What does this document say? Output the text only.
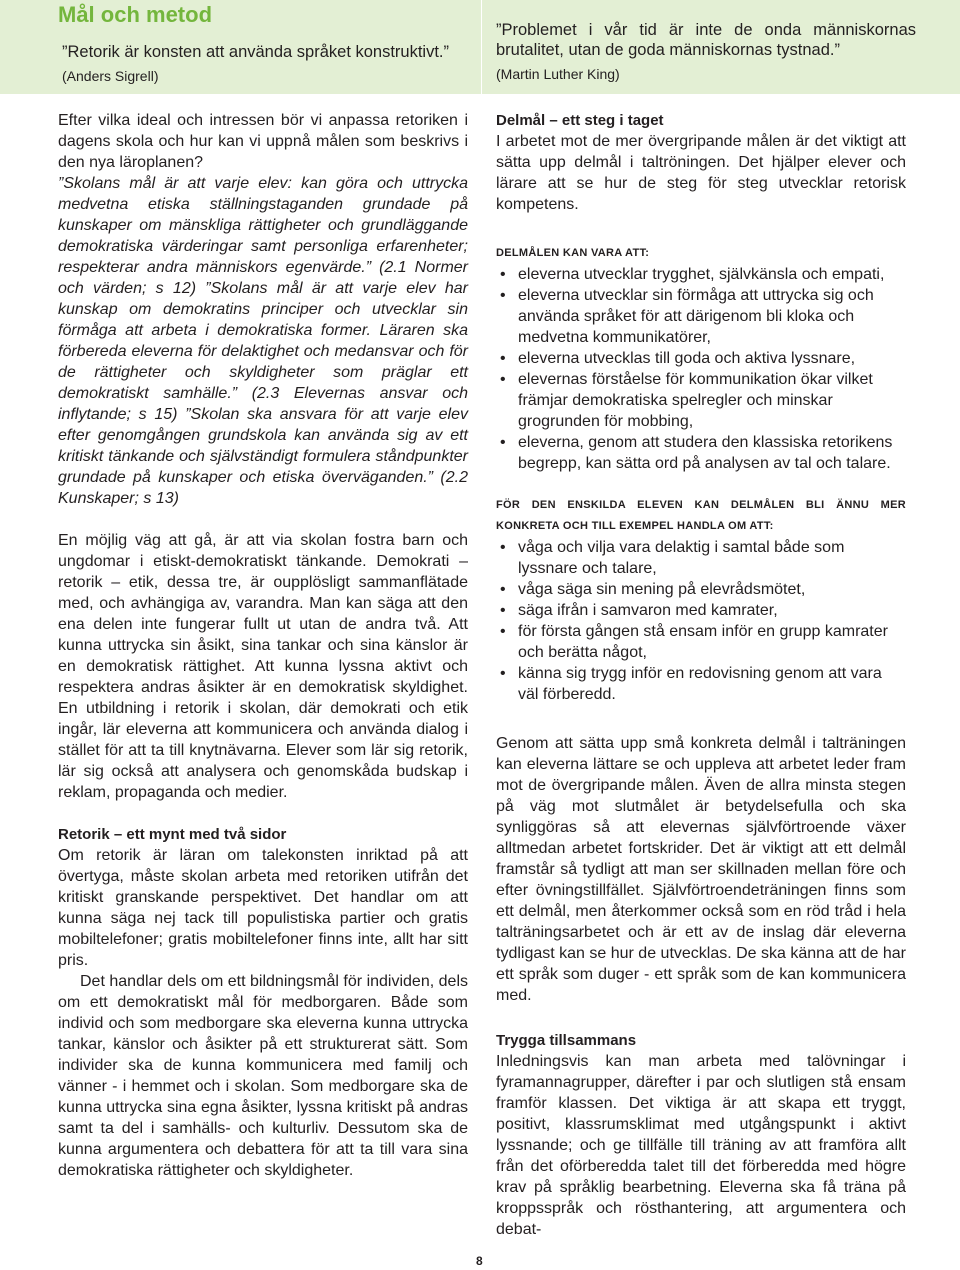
Mål och metod

”Retorik är konsten att använda språket konstruktivt.”

(Anders Sigrell)

”Problemet i vår tid är inte de onda människornas brutalitet, utan de goda människornas tystnad.”

(Martin Luther King)

Efter vilka ideal och intressen bör vi anpassa retoriken i dagens skola och hur kan vi uppnå målen som beskrivs i den nya läroplanen?

”Skolans mål är att varje elev: kan göra och uttrycka medvetna etiska ställningstaganden grundade på kunskaper om mänskliga rättigheter och grundläggande demokratiska värderingar samt personliga erfarenheter; respekterar andra människors egenvärde.” (2.1 Normer och värden; s 12) ”Skolans mål är att varje elev har kunskap om demokratins principer och utvecklar sin förmåga att arbeta i demokratiska former. Läraren ska förbereda eleverna för delaktighet och medansvar och för de rättigheter och skyldigheter som präglar ett demokratiskt samhälle.” (2.3 Elevernas ansvar och inflytande; s 15) ”Skolan ska ansvara för att varje elev efter genomgången grundskola kan använda sig av ett kritiskt tänkande och självständigt formulera ståndpunkter grundade på kunskaper och etiska överväganden.” (2.2 Kunskaper; s 13)

En möjlig väg att gå, är att via skolan fostra barn och ungdomar i etiskt-demokratiskt tänkande. Demokrati – retorik – etik, dessa tre, är oupplösligt sammanflätade med, och avhängiga av, varandra. Man kan säga att den ena delen inte fungerar fullt ut utan de andra två. Att kunna uttrycka sin åsikt, sina tankar och sina känslor är en demokratisk rättighet. Att kunna lyssna aktivt och respektera andras åsikter är en demokratisk skyldighet. En utbildning i retorik i skolan, där demokrati och etik ingår, lär eleverna att kommunicera och använda dialog i stället för att ta till knytnävarna. Elever som lär sig retorik, lär sig också att analysera och genomskåda budskap i reklam, propaganda och medier.

Retorik – ett mynt med två sidor

Om retorik är läran om talekonsten inriktad på att övertyga, måste skolan arbeta med retoriken utifrån det kritiskt granskande perspektivet. Det handlar om att kunna säga nej tack till populistiska partier och gratis mobiltelefoner; gratis mobiltelefoner finns inte, allt har sitt pris.

Det handlar dels om ett bildningsmål för individen, dels om ett demokratiskt mål för medborgaren. Både som individ och som medborgare ska eleverna kunna uttrycka tankar, känslor och åsikter på ett strukturerat sätt. Som individer ska de kunna kommunicera med familj och vänner - i hemmet och i skolan. Som medborgare ska de kunna uttrycka sina egna åsikter, lyssna kritiskt på andras samt ta del i samhälls- och kulturliv. Dessutom ska de kunna argumentera och debattera för att ta till vara sina demokratiska rättigheter och skyldigheter.

Delmål – ett steg i taget

I arbetet mot de mer övergripande målen är det viktigt att sätta upp delmål i taltröningen. Det hjälper elever och lärare att se hur de steg för steg utvecklar retorisk kompetens.

DELMÅLEN KAN VARA ATT:

• eleverna utvecklar trygghet, självkänsla och empati,
• eleverna utvecklar sin förmåga att uttrycka sig och använda språket för att därigenom bli kloka och medvetna kommunikatörer,
• eleverna utvecklas till goda och aktiva lyssnare,
• elevernas förståelse för kommunikation ökar vilket främjar demokratiska spelregler och minskar grogrunden för mobbing,
• eleverna, genom att studera den klassiska retorikens begrepp, kan sätta ord på analysen av tal och talare.

FÖR DEN ENSKILDA ELEVEN KAN DELMÅLEN BLI ÄNNU MER KONKRETA OCH TILL EXEMPEL HANDLA OM ATT:

• våga och vilja vara delaktig i samtal både som lyssnare och talare,
• våga säga sin mening på elevrådsmötet,
• säga ifrån i samvaron med kamrater,
• för första gången stå ensam inför en grupp kamrater och berätta något,
• känna sig trygg inför en redovisning genom att vara väl förberedd.

Genom att sätta upp små konkreta delmål i talträningen kan eleverna lättare se och uppleva att arbetet leder fram mot de övergripande målen. Även de allra minsta stegen på väg mot slutmålet är betydelsefulla och ska synliggöras så att elevernas självförtroende växer alltmedan arbetet fortskrider. Det är viktigt att ett delmål framstår så tydligt att man ser skillnaden mellan före och efter övningstillfället. Självförtroendeträningen finns som ett delmål, men återkommer också som en röd tråd i hela talträningsarbetet och är ett av de inslag där eleverna tydligast kan se hur de utvecklas. De ska känna att de har ett språk som duger - ett språk som de kan kommunicera med.

Trygga tillsammans

Inledningsvis kan man arbeta med talövningar i fyramannagrupper, därefter i par och slutligen stå ensam framför klassen. Det viktiga är att skapa ett tryggt, positivt, klassrumsklimat med utgångspunkt i aktivt lyssnande; och ge tillfälle till träning av att framföra allt från det oförberedda talet till det förberedda med högre krav på språklig bearbetning. Eleverna ska få träna på kroppsspråk och rösthantering, att argumentera och debat-

8
